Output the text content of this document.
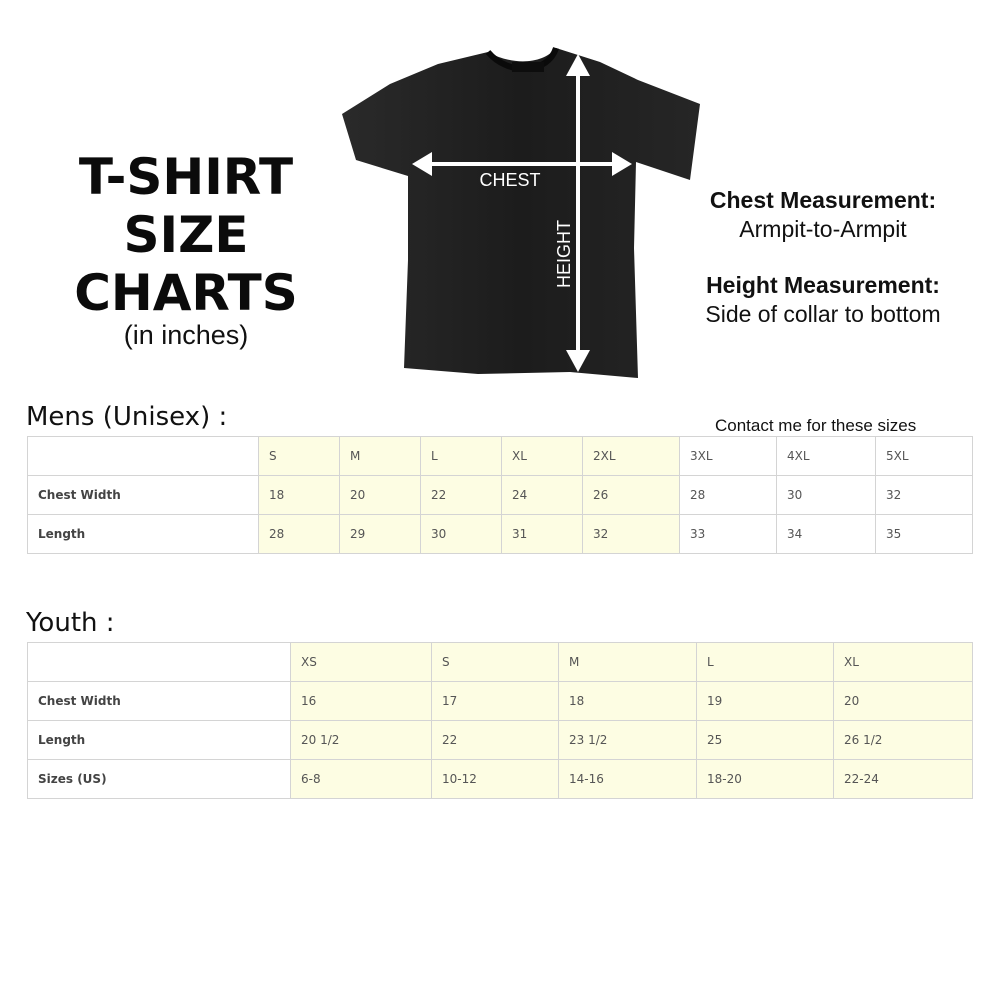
T-SHIRT
SIZE
CHARTS
(in inches)
CHEST
HEIGHT
Chest Measurement:
Armpit-to-Armpit
Height Measurement:
Side of collar to bottom
Mens (Unisex) :	Contact me for these sizes
	S	M	L	XL	2XL	3XL	4XL	5XL
Chest Width	18	20	22	24	26	28	30	32
Length	28	29	30	31	32	33	34	35
Youth :
	XS	S	M	L	XL
Chest Width	16	17	18	19	20
Length	20 1/2	22	23 1/2	25	26 1/2
Sizes (US)	6-8	10-12	14-16	18-20	22-24
